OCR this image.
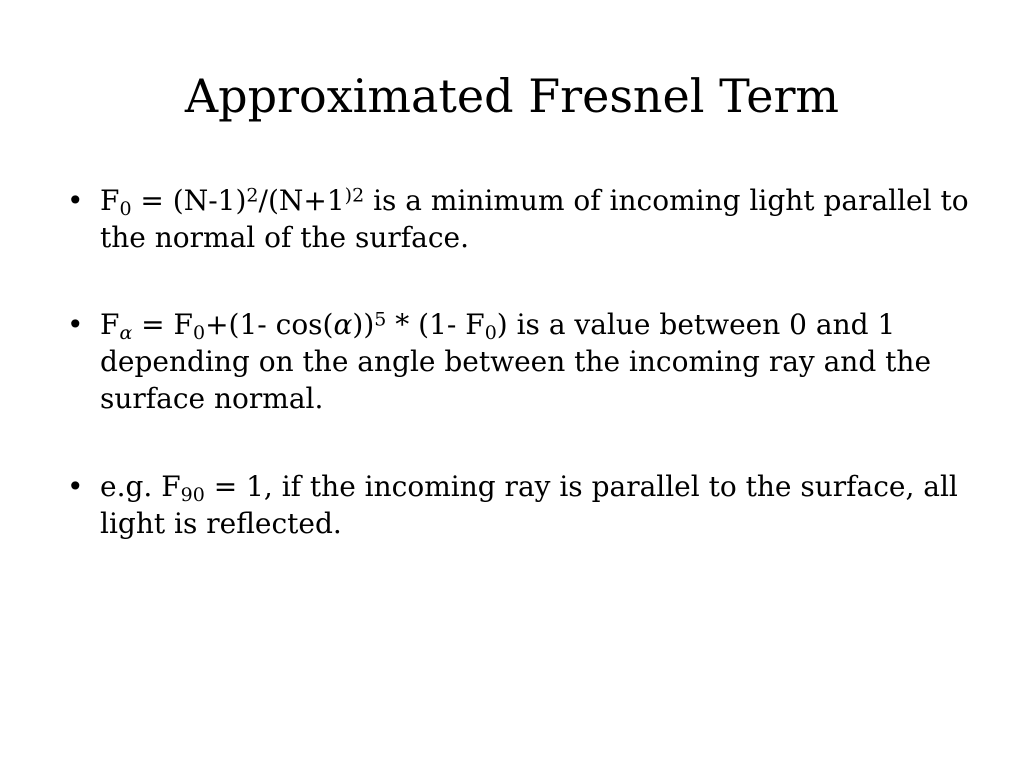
Approximated Fresnel Term
• $F_0 = (N-1)^2/(N+1^{)2}$ is a minimum of incoming light parallel to the normal of the surface.
• $F_\alpha = F_0+(1-$ cos(α))$^5$ * (1- $F_0$) is a value between 0 and 1 depending on the angle between the incoming ray and the surface normal.
• e.g. $F_{90} = 1$, if the incoming ray is parallel to the surface, all light is reflected.
